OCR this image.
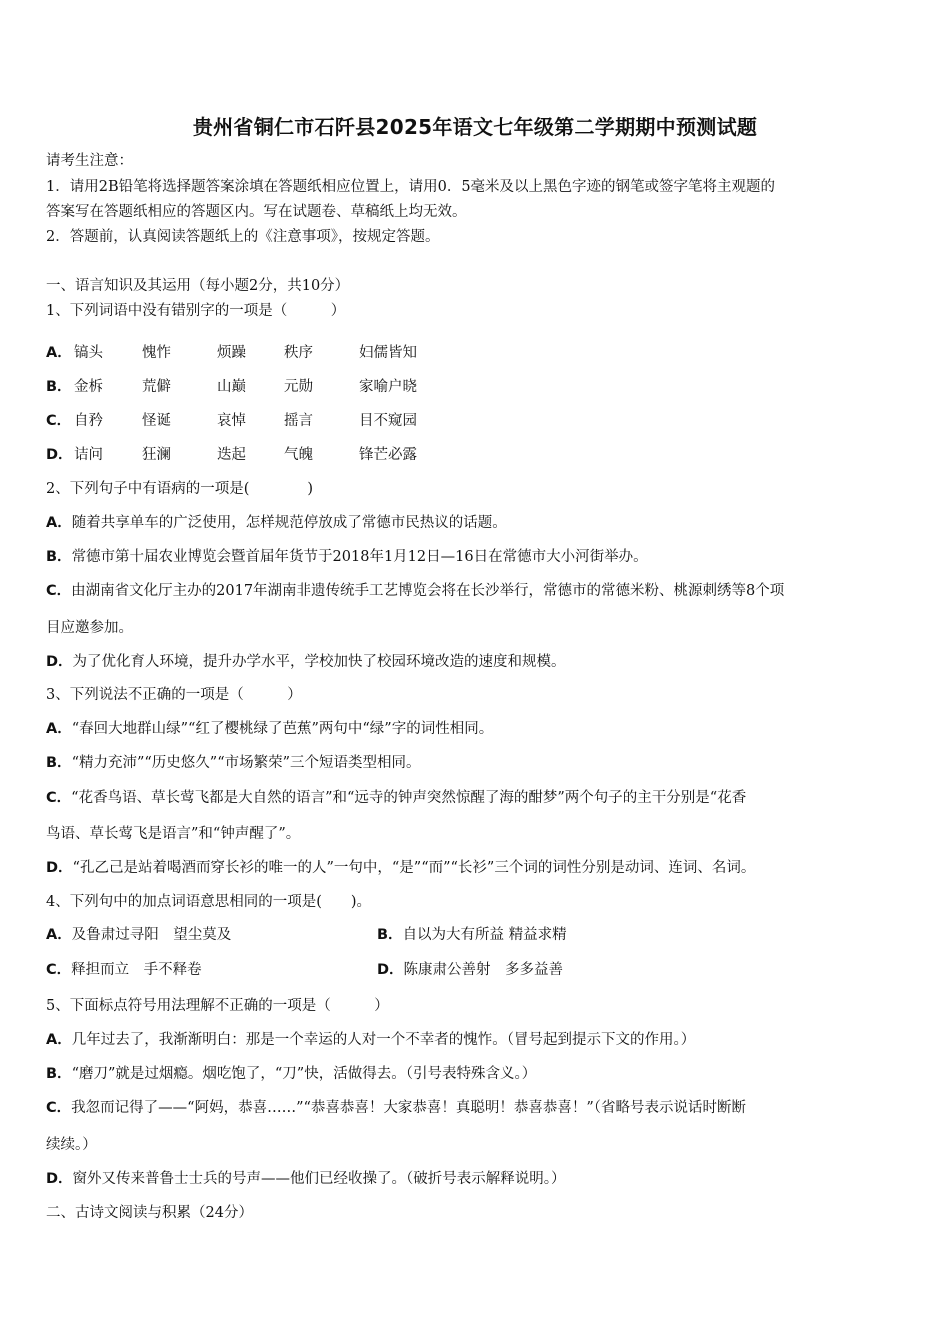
贵州省铜仁市石阡县2025年语文七年级第二学期期中预测试题
请考生注意：
1．请用2B铅笔将选择题答案涂填在答题纸相应位置上，请用0．5毫米及以上黑色字迹的钢笔或签字笔将主观题的
答案写在答题纸相应的答题区内。写在试题卷、草稿纸上均无效。
2．答题前，认真阅读答题纸上的《注意事项》，按规定答题。
一、语言知识及其运用（每小题2分，共10分）
1、下列词语中没有错别字的一项是（　　　）
A． 镐头	愧怍	烦躁	秩序	妇儒皆知
B． 金柝	荒僻	山巅	元勋	家喻户晓
C． 自矜	怪诞	哀悼	摇言	目不窥园
D． 诘问	狂澜	迭起	气魄	锋芒必露
2、下列句子中有语病的一项是(　　　　)
A．随着共享单车的广泛使用，怎样规范停放成了常德市民热议的话题。
B．常德市第十届农业博览会暨首届年货节于2018年1月12日—16日在常德市大小河街举办。
C．由湖南省文化厅主办的2017年湖南非遗传统手工艺博览会将在长沙举行，常德市的常德米粉、桃源刺绣等8个项
目应邀参加。
D．为了优化育人环境，提升办学水平，学校加快了校园环境改造的速度和规模。
3、下列说法不正确的一项是（　　　）
A．“春回大地群山绿”“红了樱桃绿了芭蕉”两句中“绿”字的词性相同。
B．“精力充沛”“历史悠久”“市场繁荣”三个短语类型相同。
C．“花香鸟语、草长莺飞都是大自然的语言”和“远寺的钟声突然惊醒了海的酣梦”两个句子的主干分别是“花香
鸟语、草长莺飞是语言”和“钟声醒了”。
D．“孔乙己是站着喝酒而穿长衫的唯一的人”一句中，“是”“而”“长衫”三个词的词性分别是动词、连词、名词。
4、下列句中的加点词语意思相同的一项是(　　)。
A．及鲁肃过寻阳　望尘莫及	B．自以为大有所益 精益求精
C．释担而立　手不释卷	D．陈康肃公善射　多多益善
5、下面标点符号用法理解不正确的一项是（　　　）
A．几年过去了，我渐渐明白：那是一个幸运的人对一个不幸者的愧怍。（冒号起到提示下文的作用。）
B．“磨刀”就是过烟瘾。烟吃饱了，“刀”快，活做得去。（引号表特殊含义。）
C．我忽而记得了——“阿妈，恭喜……”“恭喜恭喜！大家恭喜！真聪明！恭喜恭喜！”（省略号表示说话时断断
续续。）
D．窗外又传来普鲁士士兵的号声——他们已经收操了。（破折号表示解释说明。）
二、古诗文阅读与积累（24分）
